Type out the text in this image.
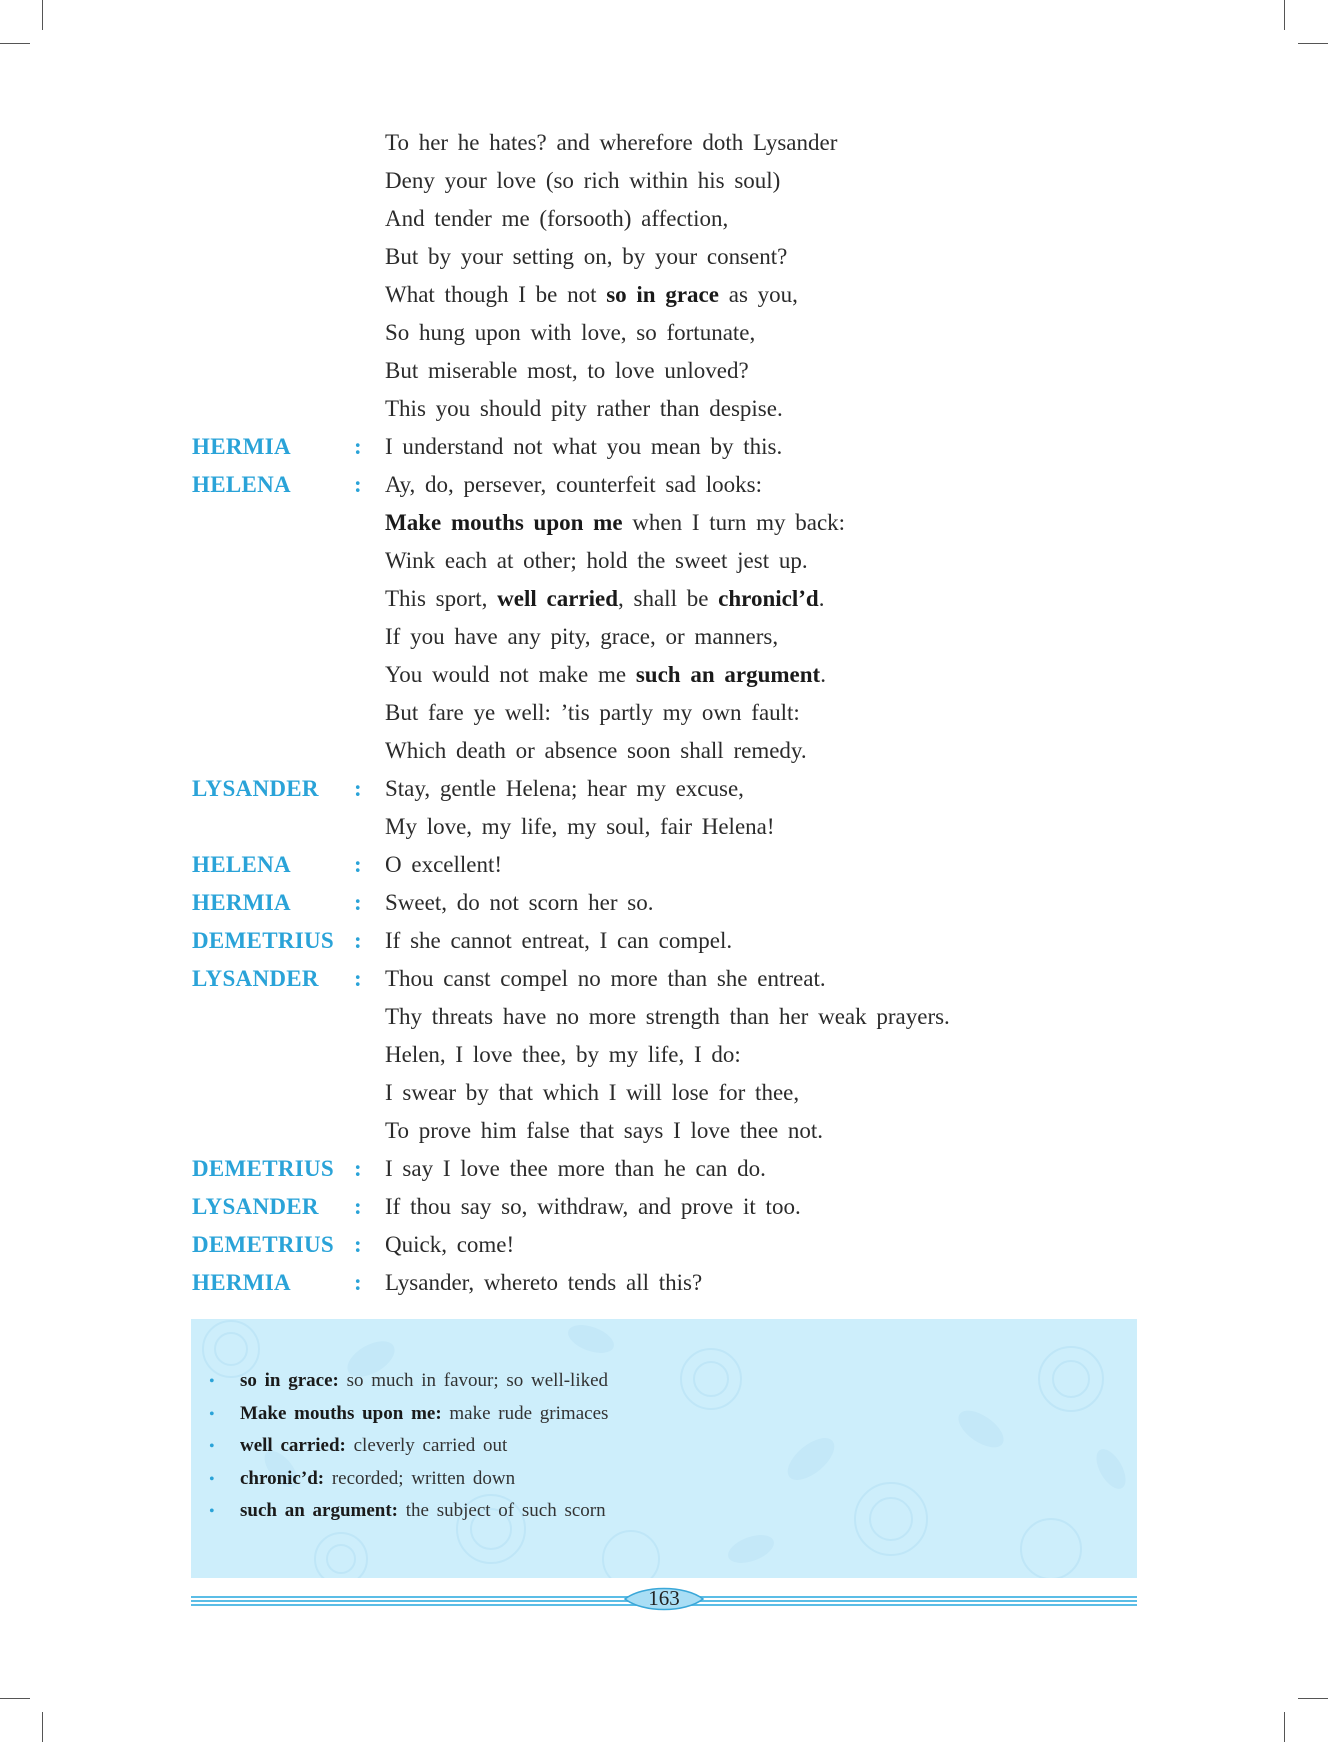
To her he hates? and wherefore doth Lysander
Deny your love (so rich within his soul)
And tender me (forsooth) affection,
But by your setting on, by your consent?
What though I be not so in grace as you,
So hung upon with love, so fortunate,
But miserable most, to love unloved?
This you should pity rather than despise.
HERMIA	: I understand not what you mean by this.
HELENA	: Ay, do, persever, counterfeit sad looks:
Make mouths upon me when I turn my back:
Wink each at other; hold the sweet jest up.
This sport, well carried, shall be chronicl’d.
If you have any pity, grace, or manners,
You would not make me such an argument.
But fare ye well: ’tis partly my own fault:
Which death or absence soon shall remedy.
LYSANDER : Stay, gentle Helena; hear my excuse,
My love, my life, my soul, fair Helena!
HELENA	: O excellent!
HERMIA	: Sweet, do not scorn her so.
DEMETRIUS : If she cannot entreat, I can compel.
LYSANDER : Thou canst compel no more than she entreat.
Thy threats have no more strength than her weak prayers.
Helen, I love thee, by my life, I do:
I swear by that which I will lose for thee,
To prove him false that says I love thee not.
DEMETRIUS : I say I love thee more than he can do.
LYSANDER : If thou say so, withdraw, and prove it too.
DEMETRIUS : Quick, come!
HERMIA	: Lysander, whereto tends all this?
• so in grace: so much in favour; so well-liked
• Make mouths upon me: make rude grimaces
• well carried: cleverly carried out
• chronic’d: recorded; written down
• such an argument: the subject of such scorn
163
